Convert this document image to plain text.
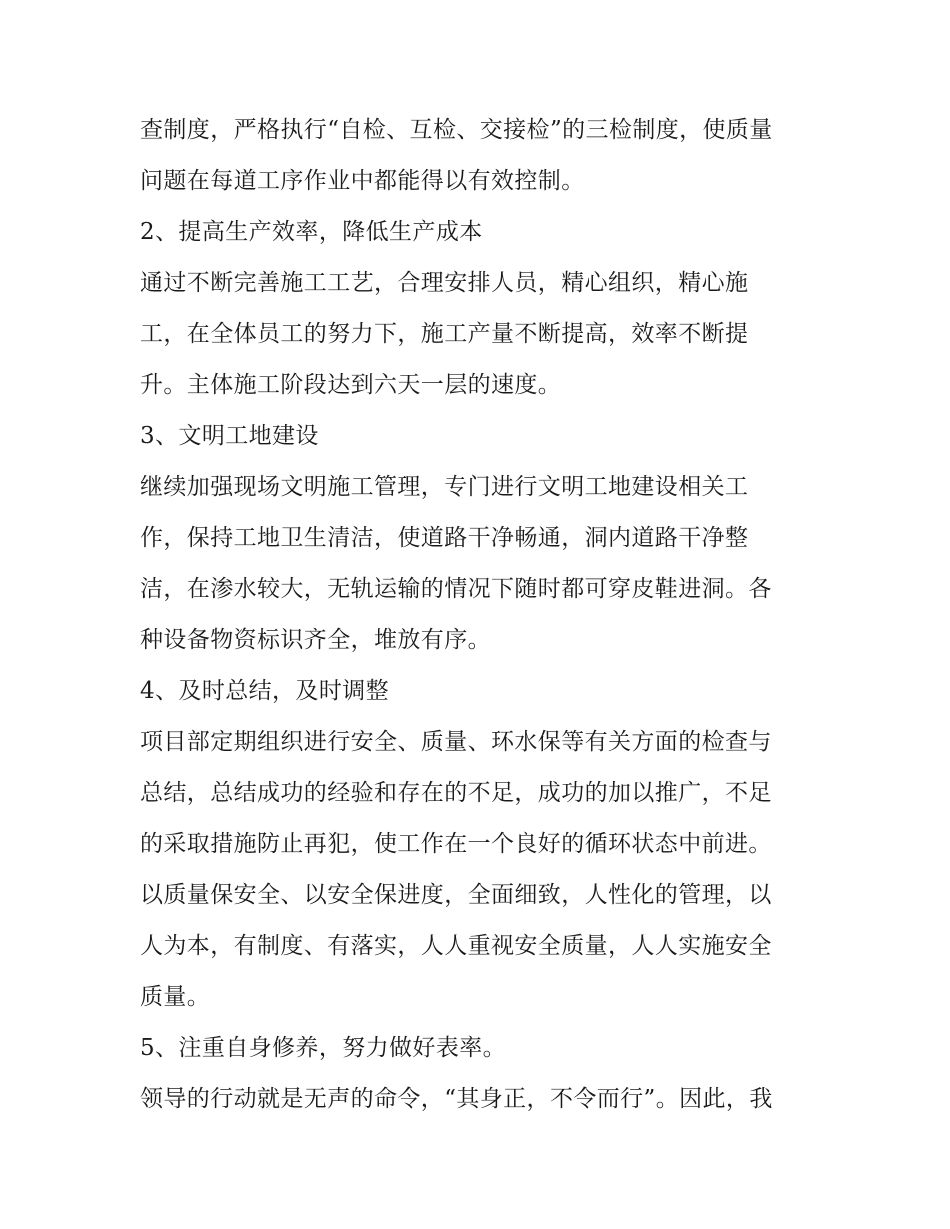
查制度，严格执行“自检、互检、交接检”的三检制度，使质量
问题在每道工序作业中都能得以有效控制。
2、提高生产效率，降低生产成本
通过不断完善施工工艺，合理安排人员，精心组织，精心施
工，在全体员工的努力下，施工产量不断提高，效率不断提
升。主体施工阶段达到六天一层的速度。
3、文明工地建设
继续加强现场文明施工管理，专门进行文明工地建设相关工
作，保持工地卫生清洁，使道路干净畅通，洞内道路干净整
洁，在渗水较大，无轨运输的情况下随时都可穿皮鞋进洞。各
种设备物资标识齐全，堆放有序。
4、及时总结，及时调整
项目部定期组织进行安全、质量、环水保等有关方面的检查与
总结，总结成功的经验和存在的不足，成功的加以推广，不足
的采取措施防止再犯，使工作在一个良好的循环状态中前进。
以质量保安全、以安全保进度，全面细致，人性化的管理，以
人为本，有制度、有落实，人人重视安全质量，人人实施安全
质量。
5、注重自身修养，努力做好表率。
领导的行动就是无声的命令，“其身正，不令而行”。因此，我
